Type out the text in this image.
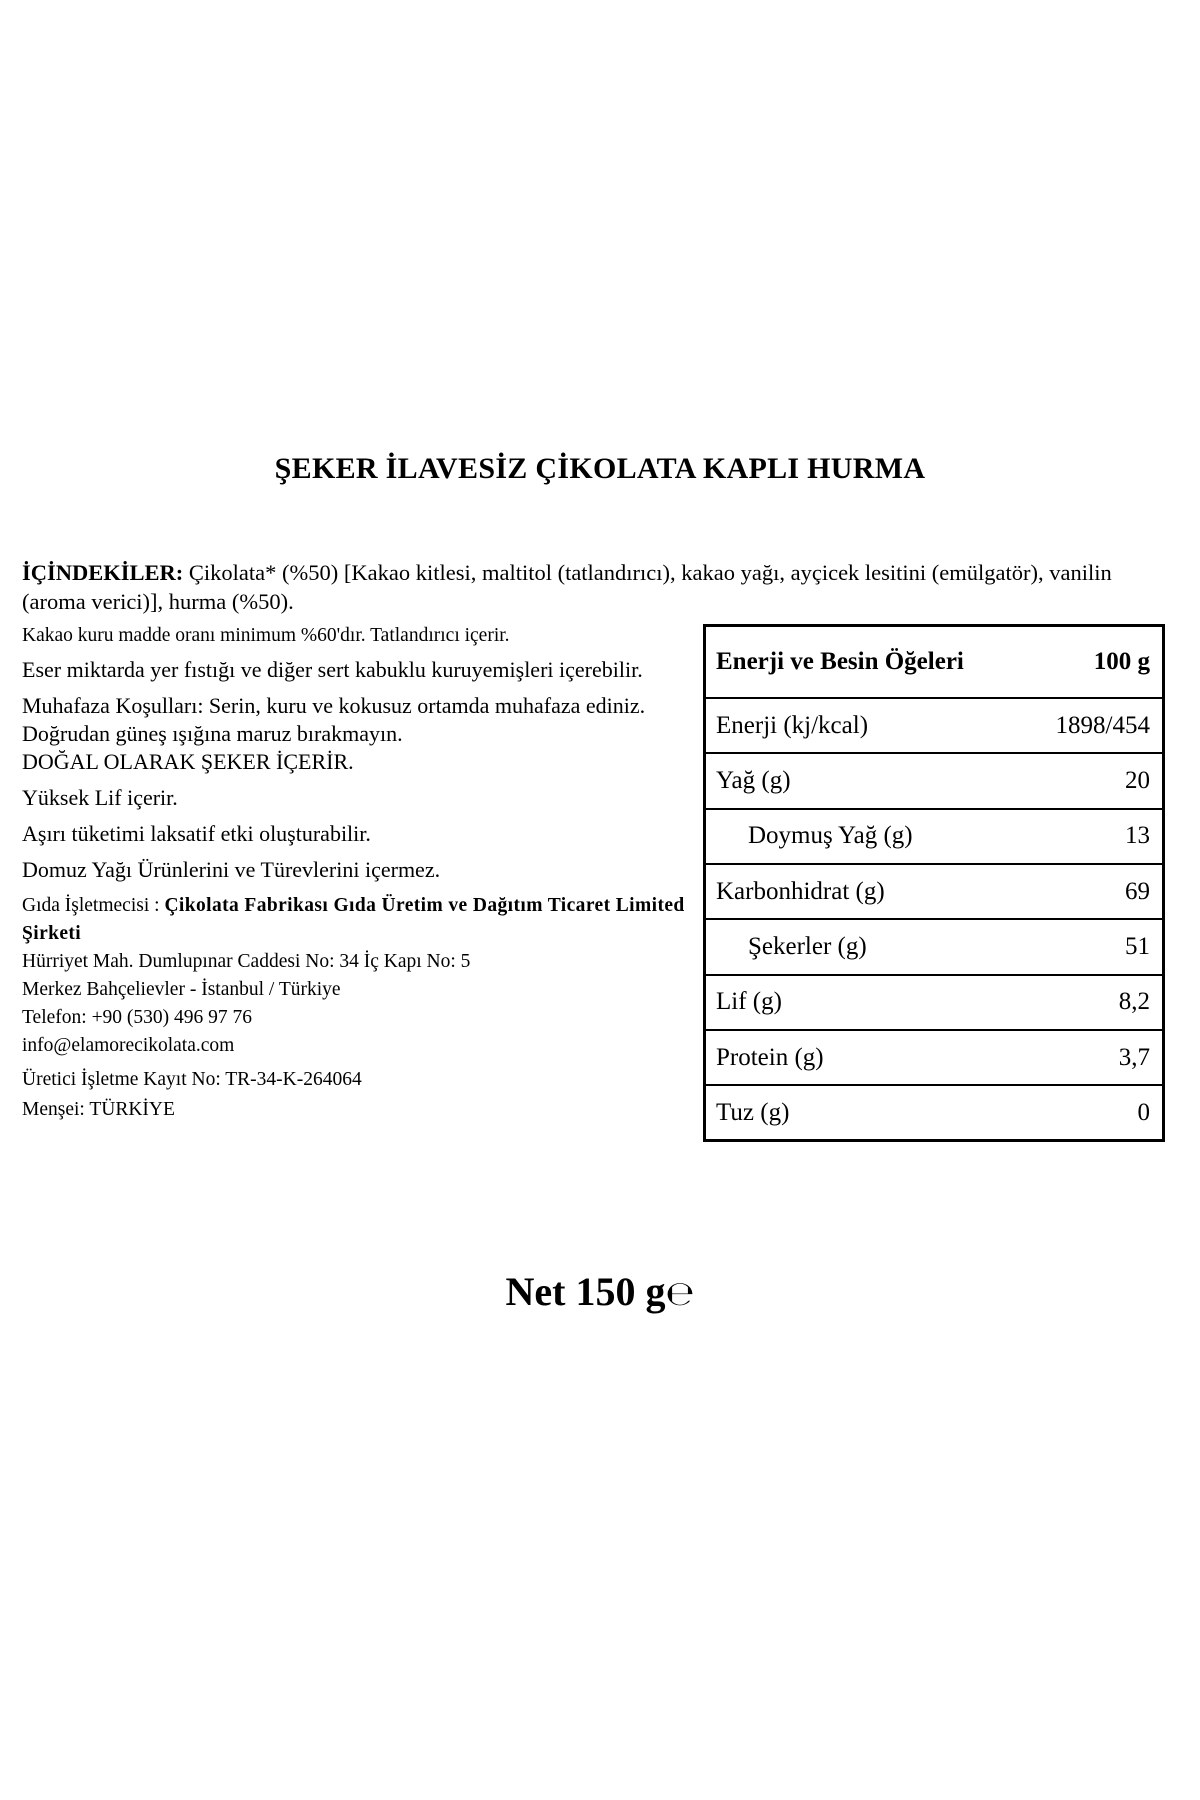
ŞEKER İLAVESİZ ÇİKOLATA KAPLI HURMA
İÇİNDEKİLER: Çikolata* (%50) [Kakao kitlesi, maltitol (tatlandırıcı), kakao yağı, ayçicek lesitini (emülgatör), vanilin (aroma verici)], hurma (%50).

Kakao kuru madde oranı minimum %60'dır. Tatlandırıcı içerir.

Eser miktarda yer fıstığı ve diğer sert kabuklu kuruyemişleri içerebilir.

Muhafaza Koşulları: Serin, kuru ve kokusuz ortamda muhafaza ediniz. Doğrudan güneş ışığına maruz bırakmayın.

DOĞAL OLARAK ŞEKER İÇERİR.

Yüksek Lif içerir.

Aşırı tüketimi laksatif etki oluşturabilir.

Domuz Yağı Ürünlerini ve Türevlerini içermez.

Gıda İşletmecisi : Çikolata Fabrikası Gıda Üretim ve Dağıtım Ticaret Limited Şirketi

Hürriyet Mah. Dumlupınar Caddesi No: 34 İç Kapı No: 5

Merkez Bahçelievler - İstanbul / Türkiye

Telefon: +90 (530) 496 97 76

info@elamorecikolata.com

Üretici İşletme Kayıt No: TR-34-K-264064

Menşei: TÜRKİYE

Enerji ve Besin Öğeleri	100 g
Enerji (kj/kcal)	1898/454
Yağ (g)	20
Doymuş Yağ (g)	13
Karbonhidrat (g)	69
Şekerler (g)	51
Lif (g)	8,2
Protein (g)	3,7
Tuz (g)	0
Net 150 g℮
